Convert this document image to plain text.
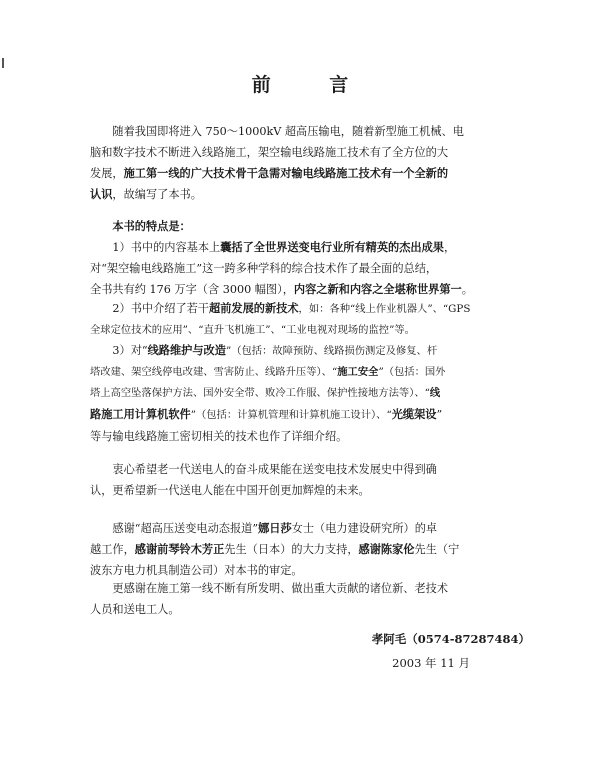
前 言
随着我国即将进入 750～1000kV 超高压输电，随着新型施工机械、电
脑和数字技术不断进入线路施工，架空输电线路施工技术有了全方位的大
发展，施工第一线的广大技术骨干急需对输电线路施工技术有一个全新的
认识，故编写了本书。
本书的特点是：
1）书中的内容基本上囊括了全世界送变电行业所有精英的杰出成果，
对“架空输电线路施工”这一跨多种学科的综合技术作了最全面的总结，
全书共有约 176 万字（含 3000 幅图），内容之新和内容之全堪称世界第一。
2）书中介绍了若干超前发展的新技术，如：各种“线上作业机器人”、“GPS
全球定位技术的应用”、“直升飞机施工”、“工业电视对现场的监控”等。
3）对“线路维护与改造”（包括：故障预防、线路损伤测定及修复、杆
塔改建、架空线停电改建、雪害防止、线路升压等）、“施工安全”（包括：国外
塔上高空坠落保护方法、国外安全带、败冷工作服、保护性接地方法等）、“线
路施工用计算机软件”（包括：计算机管理和计算机施工设计）、“光缆架设”
等与输电线路施工密切相关的技术也作了详细介绍。
衷心希望老一代送电人的奋斗成果能在送变电技术发展史中得到确
认，更希望新一代送电人能在中国开创更加辉煌的未来。
感谢“超高压送变电动态报道”娜日莎女士（电力建设研究所）的卓
越工作，感谢前琴铃木芳正先生（日本）的大力支持，感谢陈家伦先生（宁
波东方电力机具制造公司）对本书的审定。
更感谢在施工第一线不断有所发明、做出重大贡献的诸位新、老技术
人员和送电工人。
孝阿毛（0574-87287484）
2003 年 11 月
